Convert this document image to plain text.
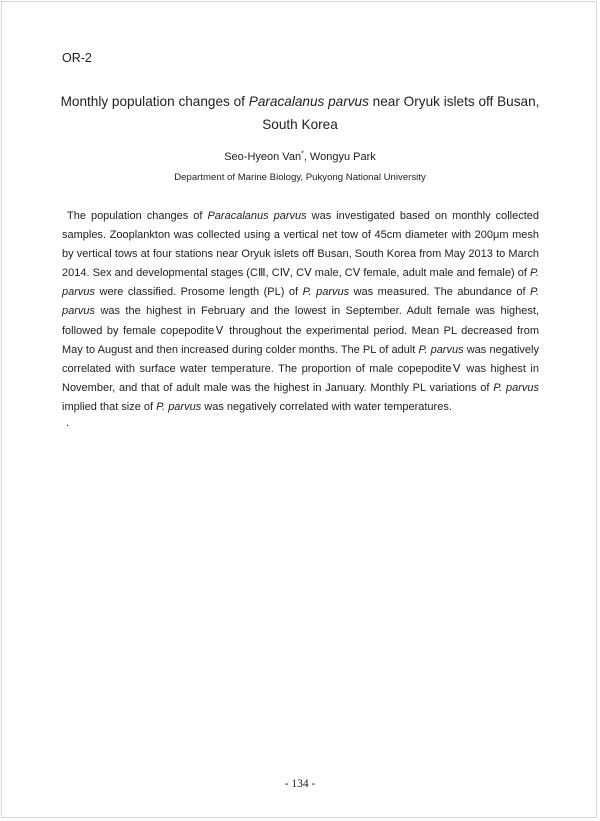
OR-2
Monthly population changes of Paracalanus parvus near Oryuk islets off Busan,
South Korea
Seo-Hyeon Van*, Wongyu Park
Department of Marine Biology, Pukyong National University

The population changes of Paracalanus parvus was investigated based on monthly collected samples. Zooplankton was collected using a vertical net tow of 45cm diameter with 200μm mesh by vertical tows at four stations near Oryuk islets off Busan, South Korea from May 2013 to March 2014. Sex and developmental stages (CⅢ, CⅣ, CⅤ male, CⅤ female, adult male and female) of P. parvus were classified. Prosome length (PL) of P. parvus was measured. The abundance of P. parvus was the highest in February and the lowest in September. Adult female was highest, followed by female copepoditeⅤ throughout the experimental period. Mean PL decreased from May to August and then increased during colder months. The PL of adult P. parvus was negatively correlated with surface water temperature. The proportion of male copepoditeⅤ was highest in November, and that of adult male was the highest in January. Monthly PL variations of P. parvus implied that size of P. parvus was negatively correlated with water temperatures.

.
- 134 -
